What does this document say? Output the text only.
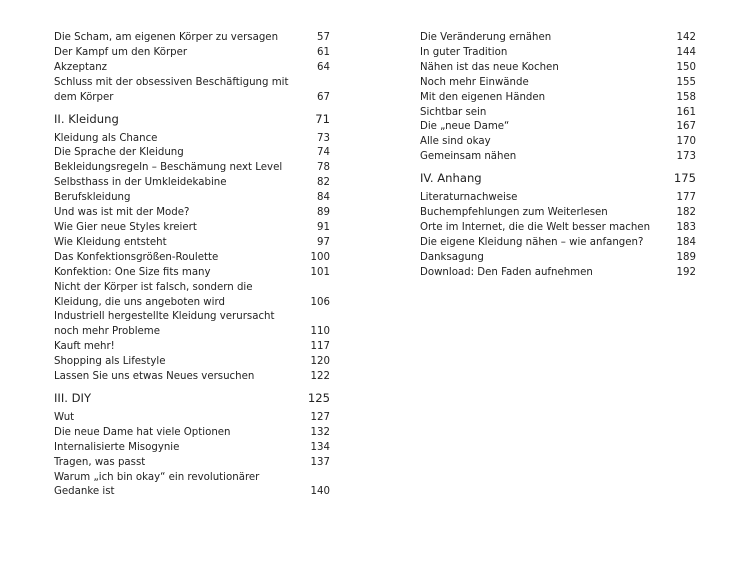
Die Scham, am eigenen Körper zu versagen	57
Der Kampf um den Körper	61
Akzeptanz	64
Schluss mit der obsessiven Beschäftigung mit dem Körper	67
II. Kleidung	71
Kleidung als Chance	73
Die Sprache der Kleidung	74
Bekleidungsregeln – Beschämung next Level	78
Selbsthass in der Umkleidekabine	82
Berufskleidung	84
Und was ist mit der Mode?	89
Wie Gier neue Styles kreiert	91
Wie Kleidung entsteht	97
Das Konfektionsgrößen-Roulette	100
Konfektion: One Size fits many	101
Nicht der Körper ist falsch, sondern die Kleidung, die uns angeboten wird	106
Industriell hergestellte Kleidung verursacht noch mehr Probleme	110
Kauft mehr!	117
Shopping als Lifestyle	120
Lassen Sie uns etwas Neues versuchen	122
III. DIY	125
Wut	127
Die neue Dame hat viele Optionen	132
Internalisierte Misogynie	134
Tragen, was passt	137
Warum „ich bin okay“ ein revolutionärer Gedanke ist	140
Die Veränderung ernähen	142
In guter Tradition	144
Nähen ist das neue Kochen	150
Noch mehr Einwände	155
Mit den eigenen Händen	158
Sichtbar sein	161
Die „neue Dame“	167
Alle sind okay	170
Gemeinsam nähen	173
IV. Anhang	175
Literaturnachweise	177
Buchempfehlungen zum Weiterlesen	182
Orte im Internet, die die Welt besser machen	183
Die eigene Kleidung nähen – wie anfangen?	184
Danksagung	189
Download: Den Faden aufnehmen	192
